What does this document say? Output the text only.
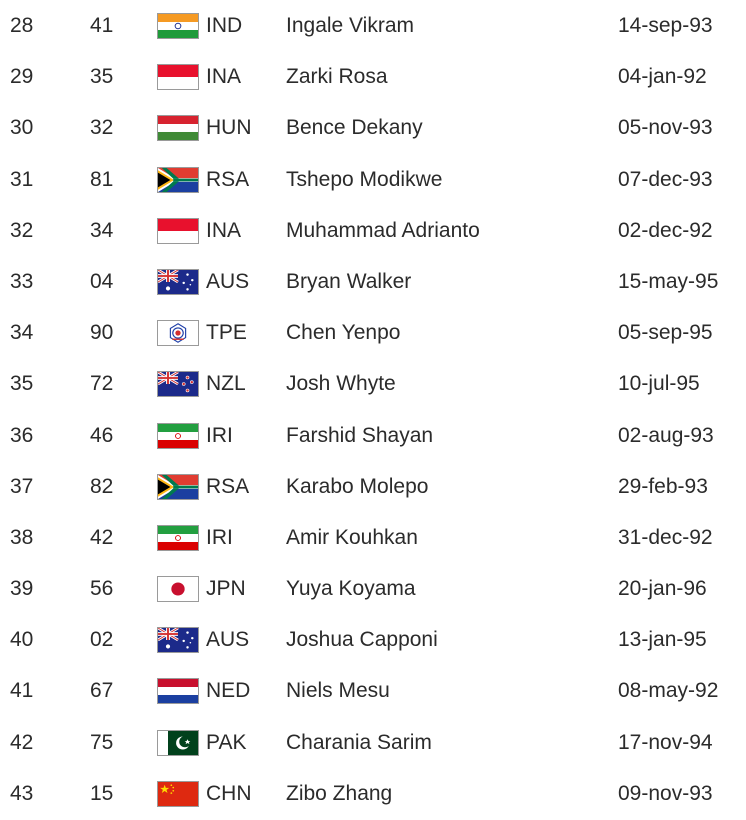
28	41	IND Ingale Vikram	14-sep-93
29	35	INA Zarki Rosa	04-jan-92
30	32	HUN Bence Dekany	05-nov-93
31	81	RSA Tshepo Modikwe	07-dec-93
32	34	INA Muhammad Adrianto	02-dec-92
33	04	AUS Bryan Walker	15-may-95
34	90	TPE Chen Yenpo	05-sep-95
35	72	NZL Josh Whyte	10-jul-95
36	46	IRI	Farshid Shayan	02-aug-93
37	82	RSA Karabo Molepo	29-feb-93
38	42	IRI	Amir Kouhkan	31-dec-92
39	56	JPN Yuya Koyama	20-jan-96
40	02	AUS Joshua Capponi	13-jan-95
41	67	NED Niels Mesu	08-may-92
42	75	PAK Charania Sarim	17-nov-94
43	15	CHN Zibo Zhang	09-nov-93
